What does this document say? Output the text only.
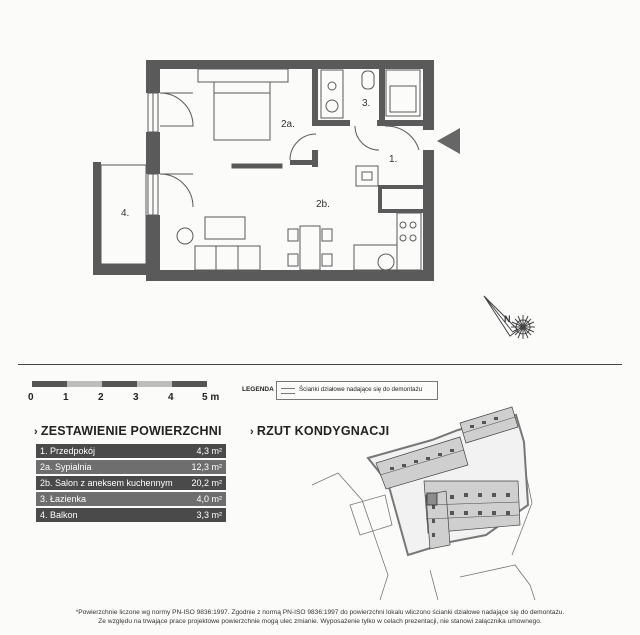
2a.
3.
1.
2b.
4.
N
0	1	2	3	4	5 m
LEGENDA	Ścianki działowe nadające się do demontażu
› ZESTAWIENIE POWIERZCHNI
1. Przedpokój	4,3 m²
2a. Sypialnia	12,3 m²
2b. Salon z aneksem kuchennym 20,2 m²
3. Łazienka	4,0 m²
4. Balkon	3,3 m²
› RZUT KONDYGNACJI
*Powierzchnie liczone wg normy PN-ISO 9836:1997. Zgodnie z normą PN-ISO 9836:1997 do powierzchni lokalu wliczono ścianki działowe nadające się do demontażu.
Ze względu na trwające prace projektowe powierzchnie mogą ulec zmianie. Wyposażenie tylko w celach prezentacji, nie stanowi załącznika umownego.
